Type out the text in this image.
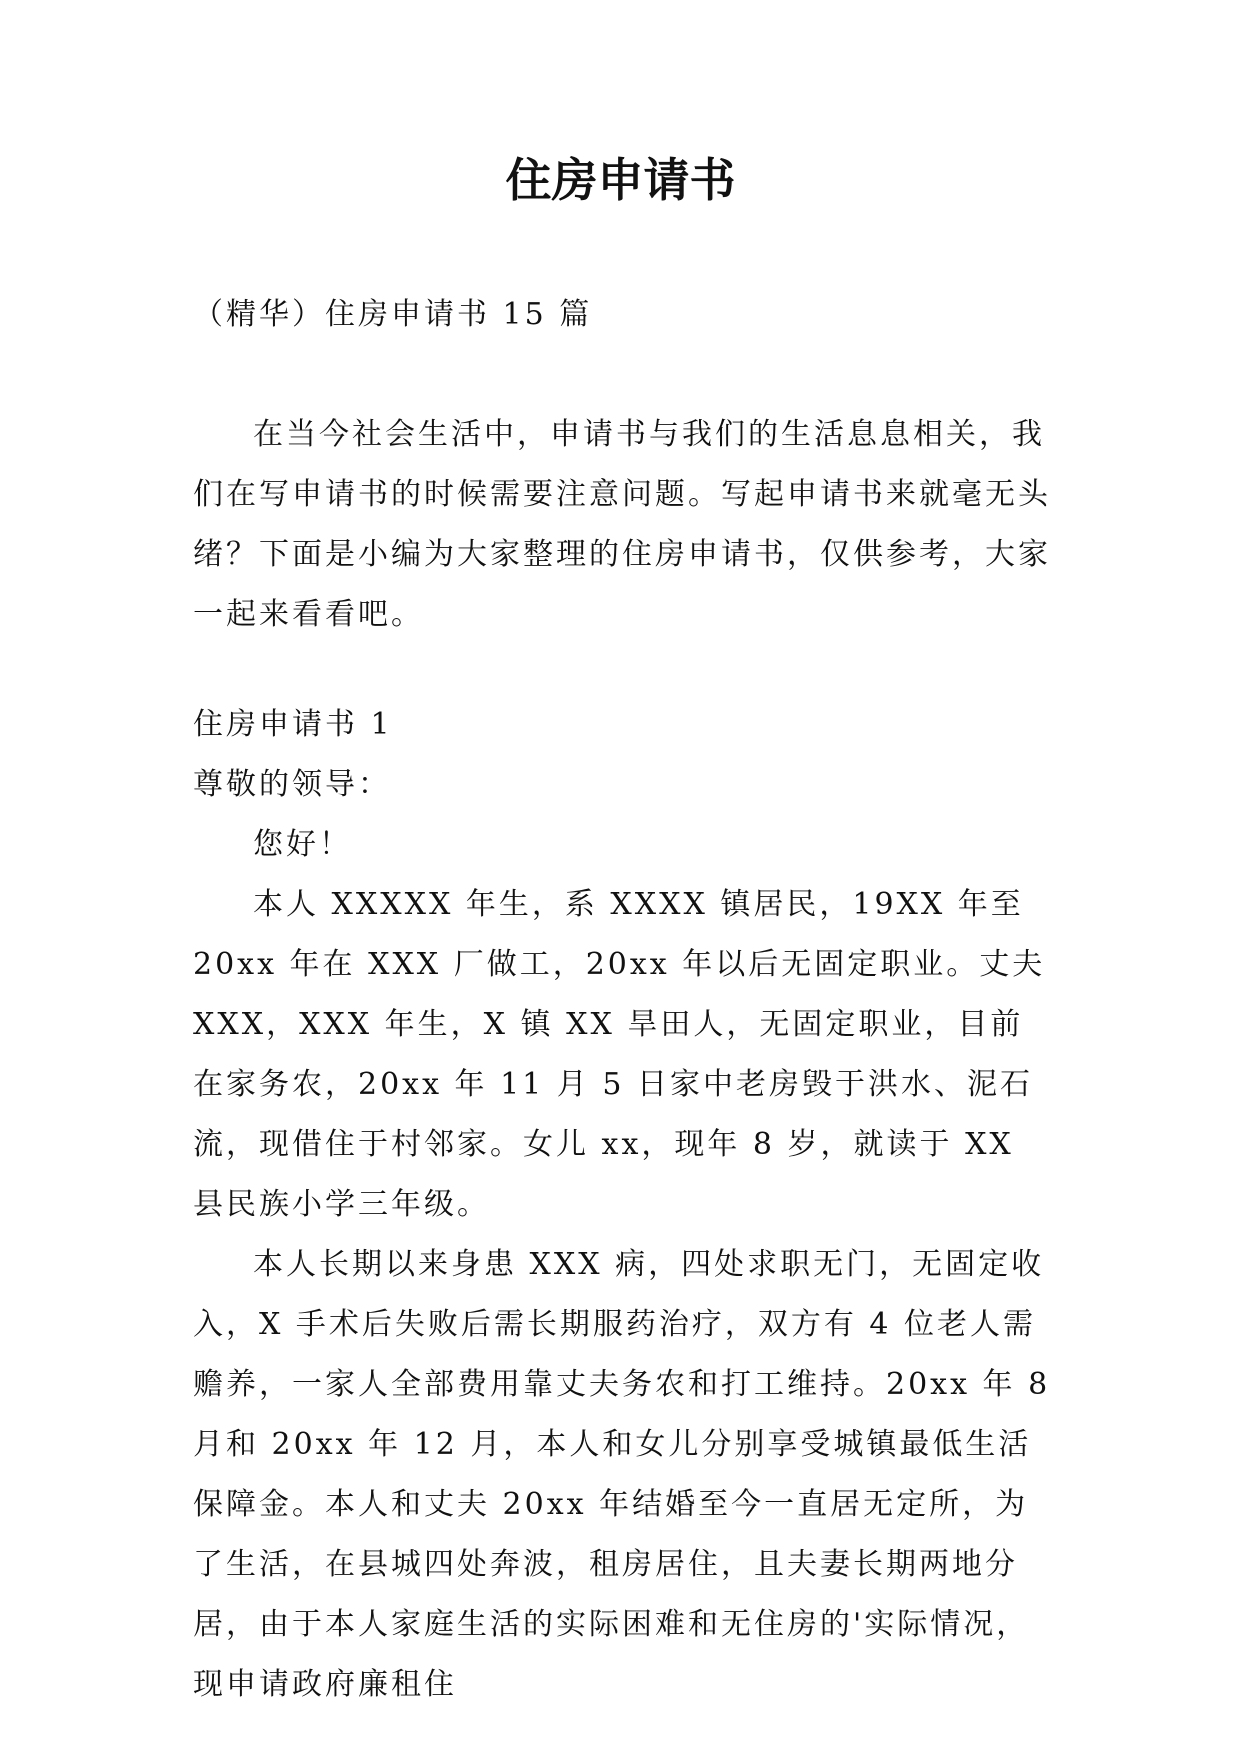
住房申请书
（精华）住房申请书 15 篇

在当今社会生活中，申请书与我们的生活息息相关，我们在写申请书的时候需要注意问题。写起申请书来就毫无头绪？下面是小编为大家整理的住房申请书，仅供参考，大家一起来看看吧。

住房申请书 1

尊敬的领导：

您好！

本人 XXXXX 年生，系 XXXX 镇居民，19XX 年至 20xx 年在 XXX 厂做工，20xx 年以后无固定职业。丈夫 XXX，XXX 年生，X 镇 XX 旱田人，无固定职业，目前在家务农，20xx 年 11 月 5 日家中老房毁于洪水、泥石流，现借住于村邻家。女儿 xx，现年 8 岁，就读于 XX 县民族小学三年级。

本人长期以来身患 XXX 病，四处求职无门，无固定收入，X 手术后失败后需长期服药治疗，双方有 4 位老人需赡养，一家人全部费用靠丈夫务农和打工维持。20xx 年 8 月和 20xx 年 12 月，本人和女儿分别享受城镇最低生活保障金。本人和丈夫 20xx 年结婚至今一直居无定所，为了生活，在县城四处奔波，租房居住，且夫妻长期两地分居，由于本人家庭生活的实际困难和无住房的'实际情况，现申请政府廉租住
